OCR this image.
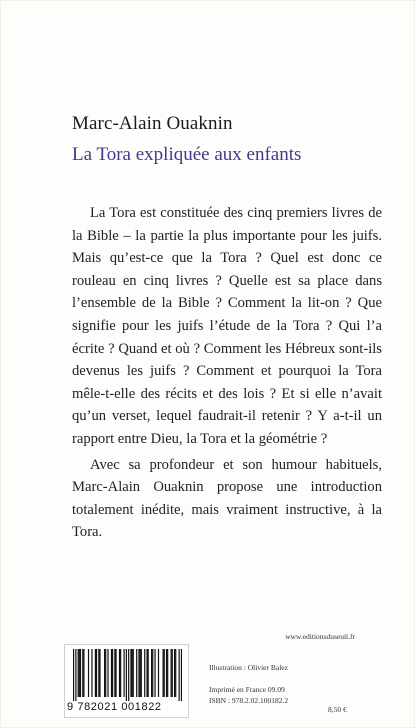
Marc-Alain Ouaknin
La Tora expliquée aux enfants

La Tora est constituée des cinq premiers livres de la Bible – la partie la plus importante pour les juifs. Mais qu’est-ce que la Tora ? Quel est donc ce rouleau en cinq livres ? Quelle est sa place dans l’ensemble de la Bible ? Comment la lit-on ? Que signifie pour les juifs l’étude de la Tora ? Qui l’a écrite ? Quand et où ? Comment les Hébreux sont-ils devenus les juifs ? Comment et pourquoi la Tora mêle-t-elle des récits et des lois ? Et si elle n’avait qu’un verset, lequel faudrait-il retenir ? Y a-t-il un rapport entre Dieu, la Tora et la géométrie ?

Avec sa profondeur et son humour habituels, Marc-Alain Ouaknin propose une introduction totalement inédite, mais vraiment instructive, à la Tora.

www.editionsduseuil.fr
9 782021 001822
Illustration : Olivier Balez
Imprimé en France 09.09
ISBN : 978.2.02.100182.2
8,50 €
